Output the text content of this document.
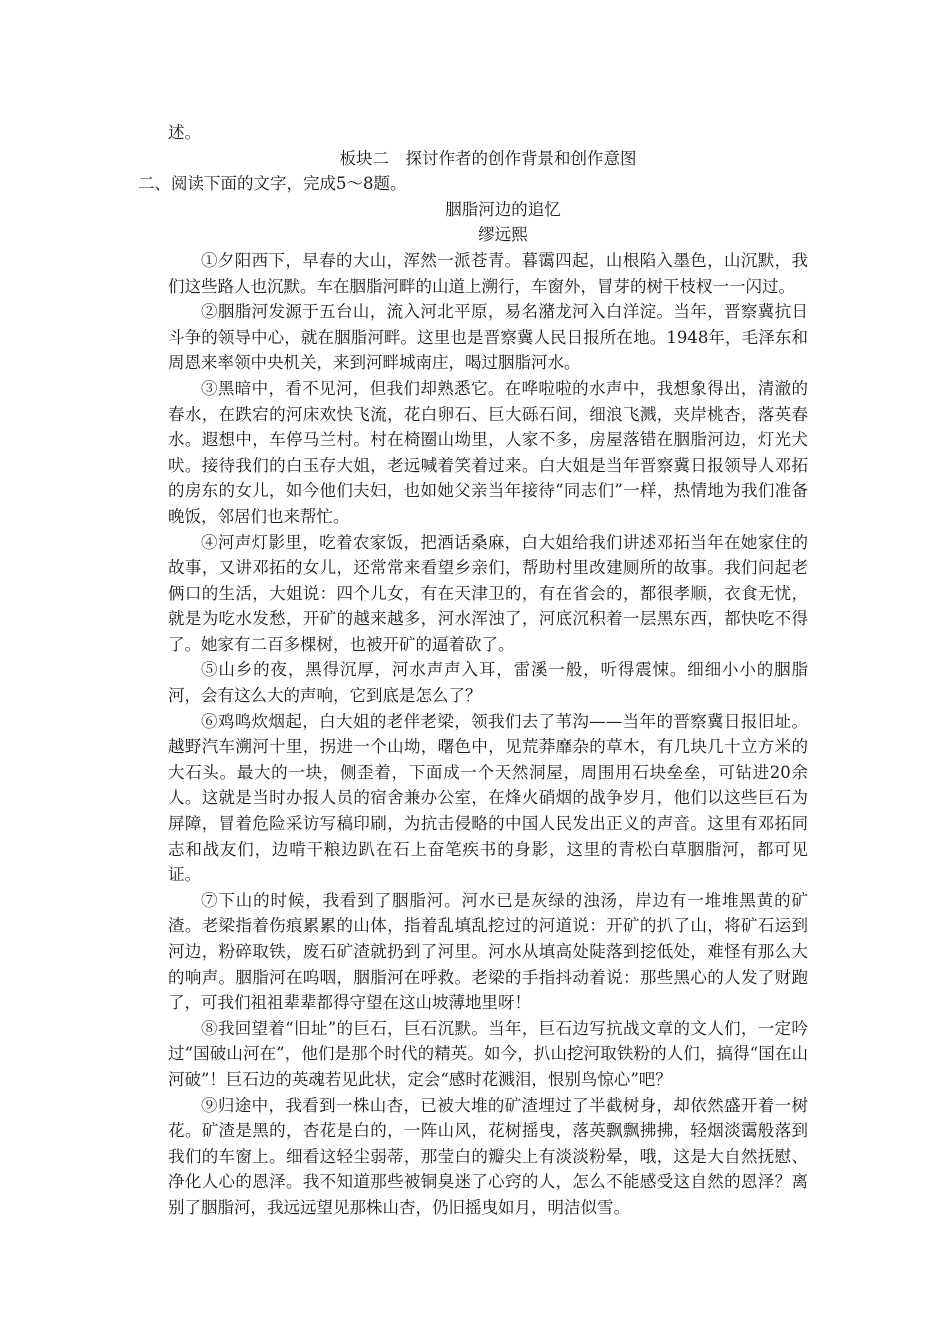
述。

板块二　探讨作者的创作背景和创作意图

二、阅读下面的文字，完成5～8题。

胭脂河边的追忆

缪远熙

①夕阳西下，早春的大山，浑然一派苍青。暮霭四起，山根陷入墨色，山沉默，我们这些路人也沉默。车在胭脂河畔的山道上溯行，车窗外，冒芽的树干枝杈一一闪过。

②胭脂河发源于五台山，流入河北平原，易名潴龙河入白洋淀。当年，晋察冀抗日斗争的领导中心，就在胭脂河畔。这里也是晋察冀人民日报所在地。1948年，毛泽东和周恩来率领中央机关，来到河畔城南庄，喝过胭脂河水。

③黑暗中，看不见河，但我们却熟悉它。在哗啦啦的水声中，我想象得出，清澈的春水，在跌宕的河床欢快飞流，花白卵石、巨大砾石间，细浪飞溅，夹岸桃杏，落英春水。遐想中，车停马兰村。村在椅圈山坳里，人家不多，房屋落错在胭脂河边，灯光犬吠。接待我们的白玉存大姐，老远喊着笑着过来。白大姐是当年晋察冀日报领导人邓拓的房东的女儿，如今他们夫妇，也如她父亲当年接待“同志们”一样，热情地为我们准备晚饭，邻居们也来帮忙。

④河声灯影里，吃着农家饭，把酒话桑麻，白大姐给我们讲述邓拓当年在她家住的故事，又讲邓拓的女儿，还常常来看望乡亲们，帮助村里改建厕所的故事。我们问起老俩口的生活，大姐说：四个儿女，有在天津卫的，有在省会的，都很孝顺，衣食无忧，就是为吃水发愁，开矿的越来越多，河水浑浊了，河底沉积着一层黑东西，都快吃不得了。她家有二百多棵树，也被开矿的逼着砍了。

⑤山乡的夜，黑得沉厚，河水声声入耳，雷溪一般，听得震悚。细细小小的胭脂河，会有这么大的声响，它到底是怎么了？

⑥鸡鸣炊烟起，白大姐的老伴老梁，领我们去了苇沟——当年的晋察冀日报旧址。越野汽车溯河十里，拐进一个山坳，曙色中，见荒莽靡杂的草木，有几块几十立方米的大石头。最大的一块，侧歪着，下面成一个天然洞屋，周围用石块垒垒，可钻进20余人。这就是当时办报人员的宿舍兼办公室，在烽火硝烟的战争岁月，他们以这些巨石为屏障，冒着危险采访写稿印刷，为抗击侵略的中国人民发出正义的声音。这里有邓拓同志和战友们，边啃干粮边趴在石上奋笔疾书的身影，这里的青松白草胭脂河，都可见证。

⑦下山的时候，我看到了胭脂河。河水已是灰绿的浊汤，岸边有一堆堆黑黄的矿渣。老梁指着伤痕累累的山体，指着乱填乱挖过的河道说：开矿的扒了山，将矿石运到河边，粉碎取铁，废石矿渣就扔到了河里。河水从填高处陡落到挖低处，难怪有那么大的响声。胭脂河在呜咽，胭脂河在呼救。老梁的手指抖动着说：那些黑心的人发了财跑了，可我们祖祖辈辈都得守望在这山坡薄地里呀！

⑧我回望着“旧址”的巨石，巨石沉默。当年，巨石边写抗战文章的文人们，一定吟过“国破山河在”，他们是那个时代的精英。如今，扒山挖河取铁粉的人们，搞得“国在山河破”！巨石边的英魂若见此状，定会“感时花溅泪，恨别鸟惊心”吧？

⑨归途中，我看到一株山杏，已被大堆的矿渣埋过了半截树身，却依然盛开着一树花。矿渣是黑的，杏花是白的，一阵山风，花树摇曳，落英飘飘拂拂，轻烟淡霭般落到我们的车窗上。细看这轻尘弱蒂，那莹白的瓣尖上有淡淡粉晕，哦，这是大自然抚慰、净化人心的恩泽。我不知道那些被铜臭迷了心窍的人，怎么不能感受这自然的恩泽？离别了胭脂河，我远远望见那株山杏，仍旧摇曳如月，明洁似雪。
